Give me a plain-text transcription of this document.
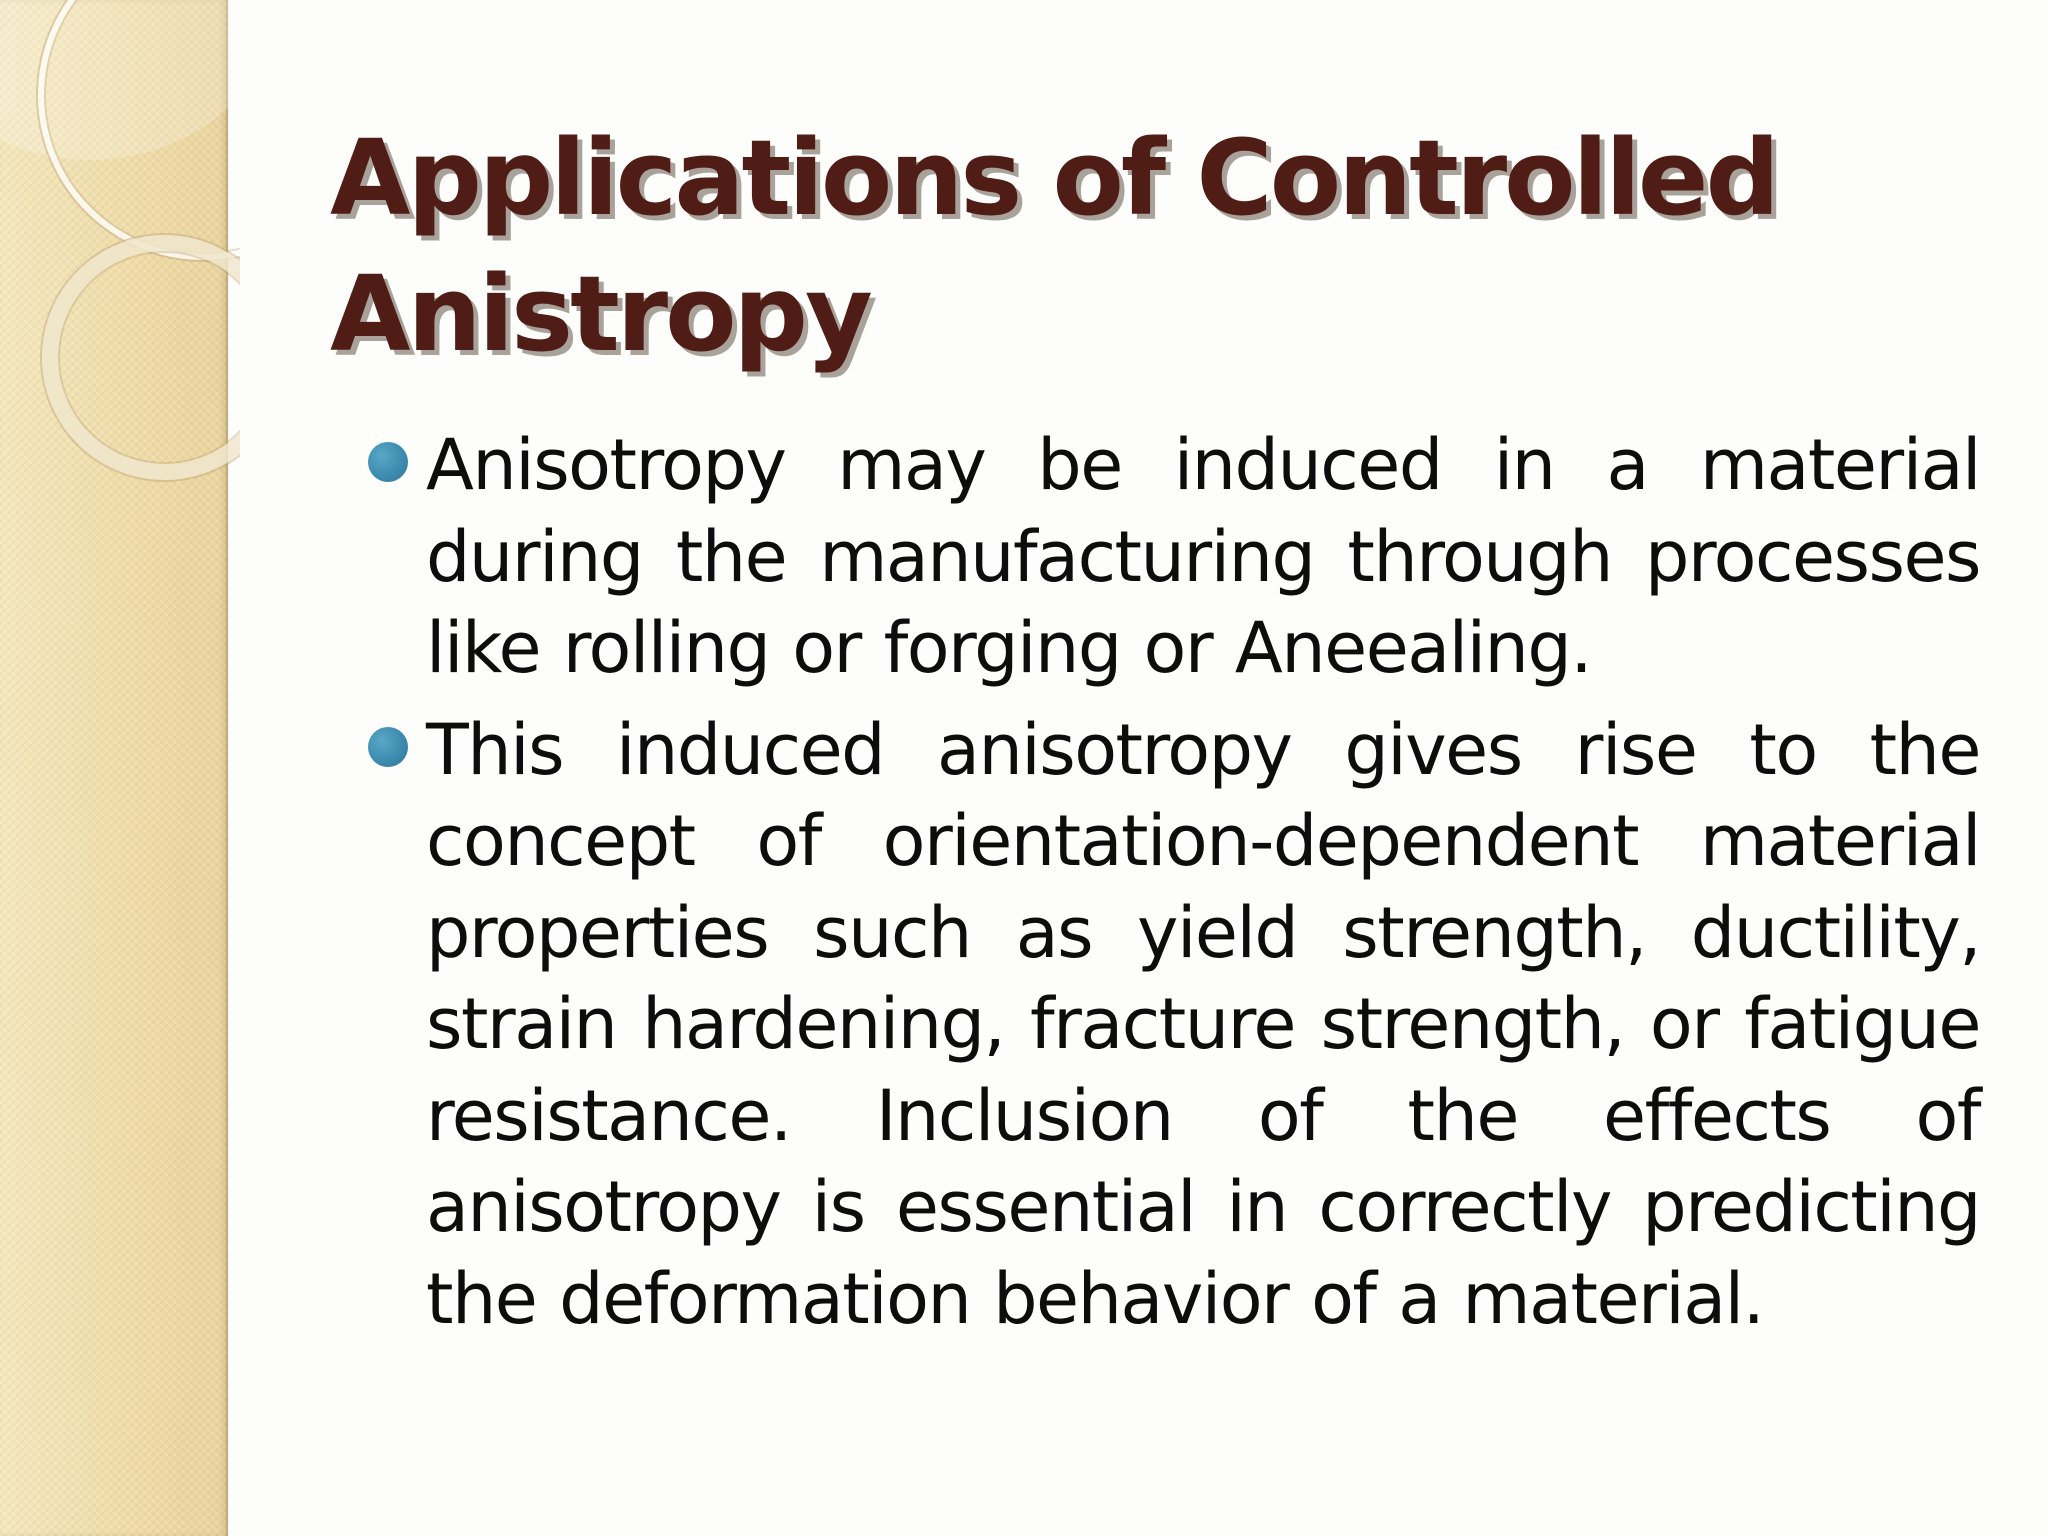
Applications of Controlled Anistropy
Anisotropy may be induced in a material during the manufacturing through processes like rolling or forging or Aneealing.
This induced anisotropy gives rise to the concept of orientation-dependent material properties such as yield strength, ductility, strain hardening, fracture strength, or fatigue resistance. Inclusion of the effects of anisotropy is essential in correctly predicting the deformation behavior of a material.
